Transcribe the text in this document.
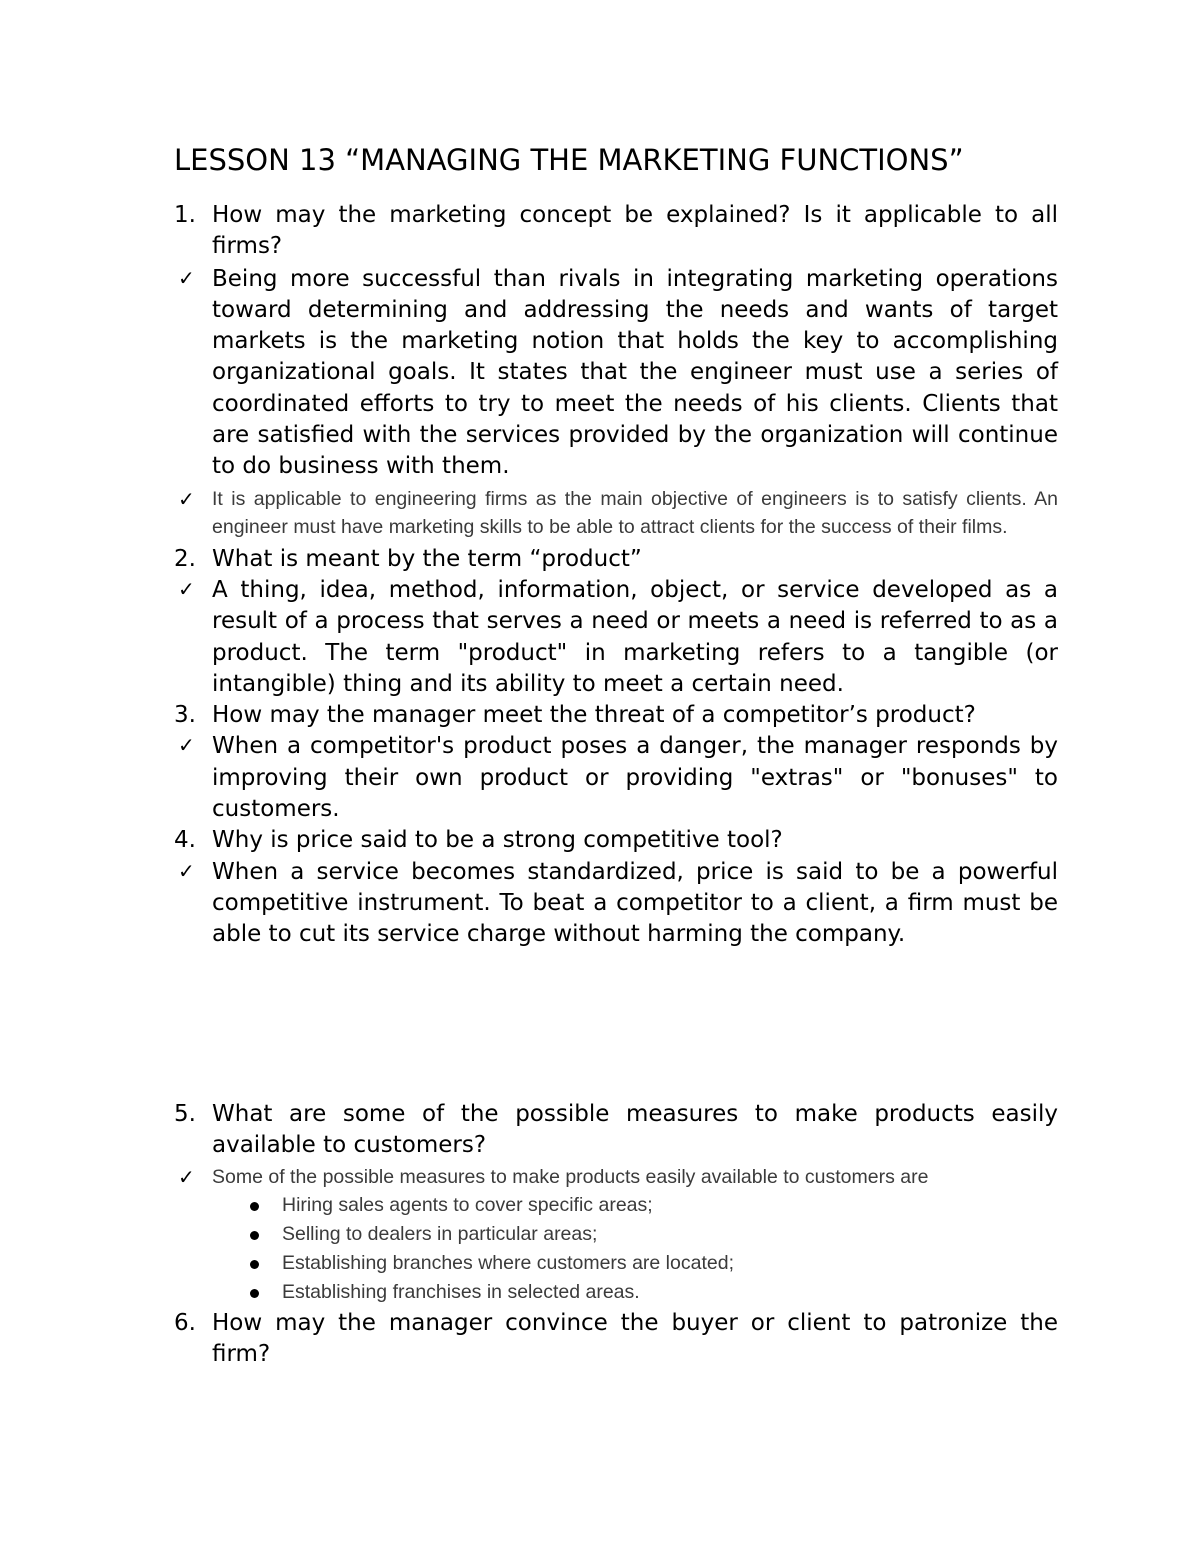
LESSON 13 “MANAGING THE MARKETING FUNCTIONS”
1. How may the marketing concept be explained? Is it applicable to all firms?
✓ Being more successful than rivals in integrating marketing operations toward determining and addressing the needs and wants of target markets is the marketing notion that holds the key to accomplishing organizational goals. It states that the engineer must use a series of coordinated efforts to try to meet the needs of his clients. Clients that are satisfied with the services provided by the organization will continue to do business with them.
✓ It is applicable to engineering firms as the main objective of engineers is to satisfy clients. An engineer must have marketing skills to be able to attract clients for the success of their films.
2. What is meant by the term “product”
✓ A thing, idea, method, information, object, or service developed as a result of a process that serves a need or meets a need is referred to as a product. The term "product" in marketing refers to a tangible (or intangible) thing and its ability to meet a certain need.
3. How may the manager meet the threat of a competitor’s product?
✓ When a competitor's product poses a danger, the manager responds by improving their own product or providing "extras" or "bonuses" to customers.
4. Why is price said to be a strong competitive tool?
✓ When a service becomes standardized, price is said to be a powerful competitive instrument. To beat a competitor to a client, a firm must be able to cut its service charge without harming the company.
5. What are some of the possible measures to make products easily available to customers?
✓ Some of the possible measures to make products easily available to customers are
Hiring sales agents to cover specific areas;
Selling to dealers in particular areas;
Establishing branches where customers are located;
Establishing franchises in selected areas.
6. How may the manager convince the buyer or client to patronize the firm?
